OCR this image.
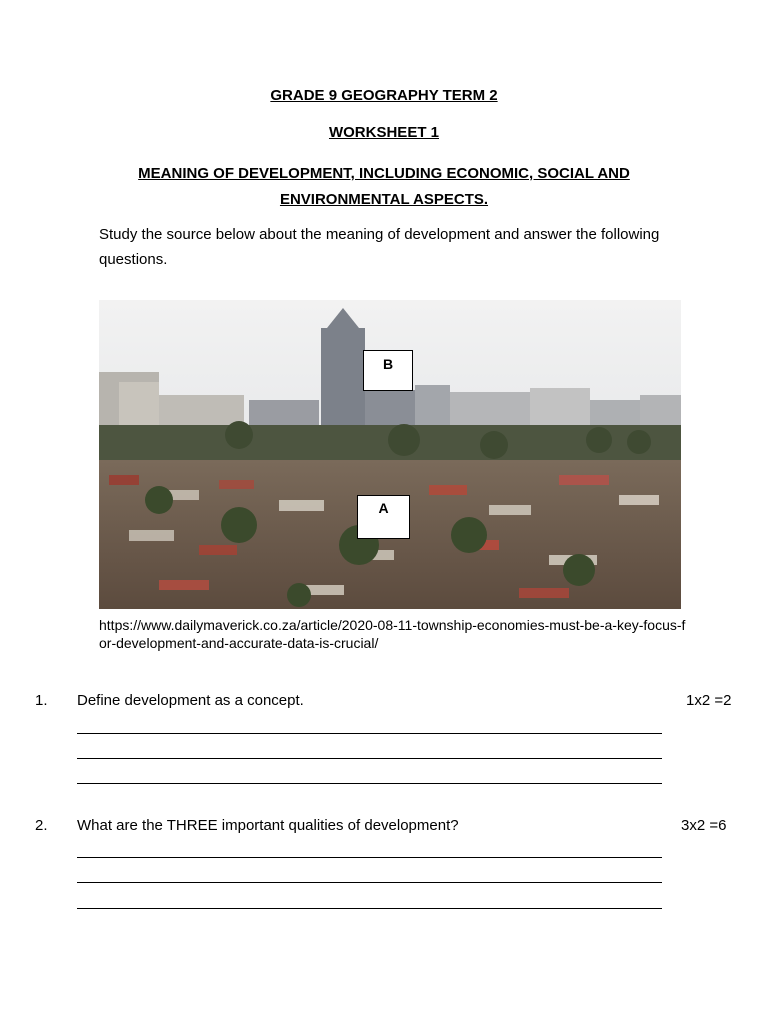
GRADE 9 GEOGRAPHY TERM 2
WORKSHEET 1
MEANING OF DEVELOPMENT, INCLUDING ECONOMIC, SOCIAL AND ENVIRONMENTAL ASPECTS.

Study the source below about the meaning of development and answer the following questions.

B
A

https://www.dailymaverick.co.za/article/2020-08-11-township-economies-must-be-a-key-focus-for-development-and-accurate-data-is-crucial/

1. Define development as a concept.	1x2 =2
2. What are the THREE important qualities of development?	3x2 =6
